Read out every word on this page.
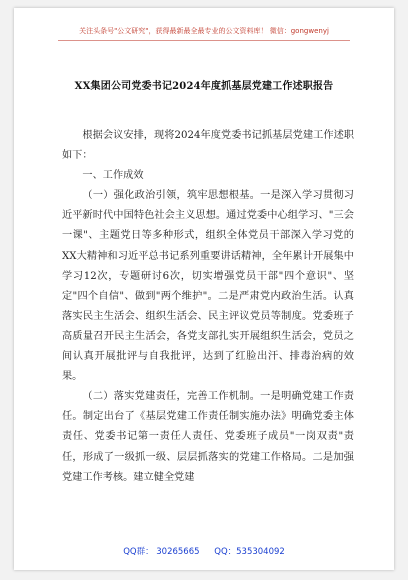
关注头条号"公文研究"，获得最新最全最专业的公文资料库！ 微信：gongwenyj
XX集团公司党委书记2024年度抓基层党建工作述职报告

根据会议安排，现将2024年度党委书记抓基层党建工作述职如下：

一、工作成效

（一）强化政治引领，筑牢思想根基。一是深入学习贯彻习近平新时代中国特色社会主义思想。通过党委中心组学习、"三会一课"、主题党日等多种形式，组织全体党员干部深入学习党的XX大精神和习近平总书记系列重要讲话精神，全年累计开展集中学习12次，专题研讨6次，切实增强党员干部"四个意识"、坚定"四个自信"、做到"两个维护"。二是严肃党内政治生活。认真落实民主生活会、组织生活会、民主评议党员等制度。党委班子高质量召开民主生活会，各党支部扎实开展组织生活会，党员之间认真开展批评与自我批评，达到了红脸出汗、排毒治病的效果。

（二）落实党建责任，完善工作机制。一是明确党建工作责任。制定出台了《基层党建工作责任制实施办法》明确党委主体责任、党委书记第一责任人责任、党委班子成员"一岗双责"责任，形成了一级抓一级、层层抓落实的党建工作格局。二是加强党建工作考核。建立健全党建

QQ群： 30265665 QQ：535304092
